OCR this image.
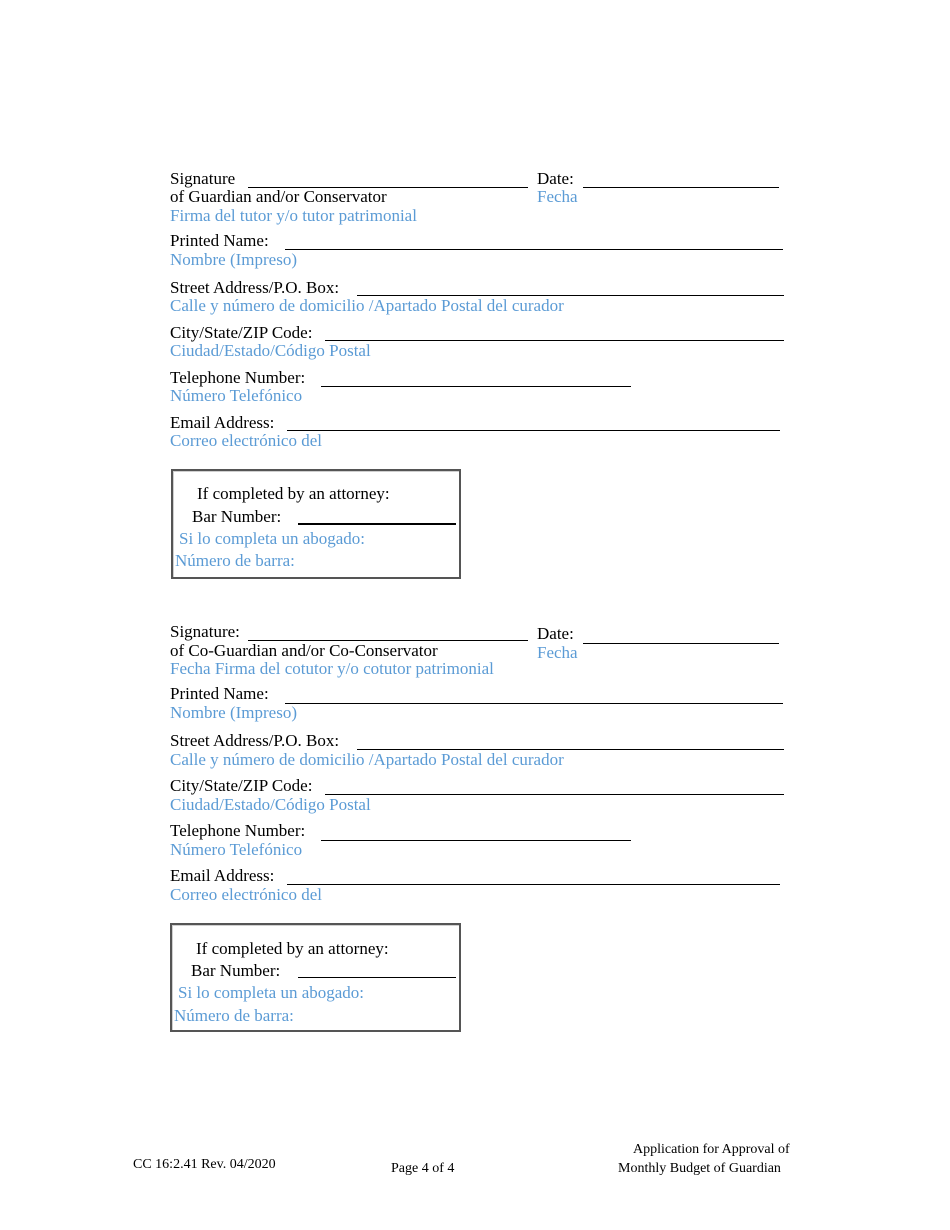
Signature
of Guardian and/or Conservator
Firma del tutor y/o tutor patrimonial
Date:
Fecha
Printed Name:
Nombre (Impreso)
Street Address/P.O. Box:
Calle y número de domicilio /Apartado Postal del curador
City/State/ZIP Code:
Ciudad/Estado/Código Postal
Telephone Number:
Número Telefónico
Email Address:
Correo electrónico del
If completed by an attorney:
Bar Number:
Si lo completa un abogado:
Número de barra:
Signature:
of Co-Guardian and/or Co-Conservator
Fecha Firma del cotutor y/o cotutor patrimonial
Date:
Fecha
Printed Name:
Nombre (Impreso)
Street Address/P.O. Box:
Calle y número de domicilio /Apartado Postal del curador
City/State/ZIP Code:
Ciudad/Estado/Código Postal
Telephone Number:
Número Telefónico
Email Address:
Correo electrónico del
If completed by an attorney:
Bar Number:
Si lo completa un abogado:
Número de barra:
CC 16:2.41 Rev. 04/2020	Page 4 of 4
Application for Approval of
Monthly Budget of Guardian
